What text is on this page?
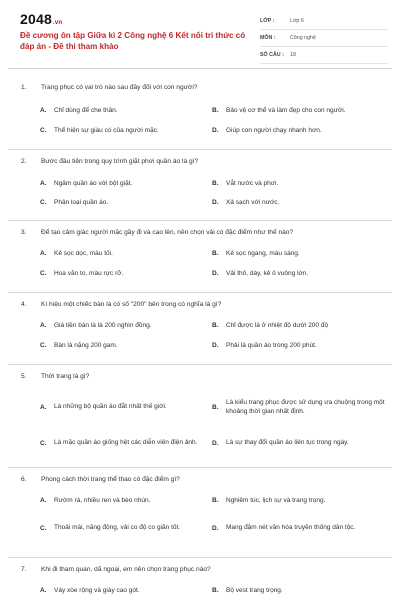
2048.vn
Đề cương ôn tập Giữa kì 2 Công nghệ 6 Kết nối tri thức có đáp án - Đề thi tham khảo
LỚP :	Lớp 6
MÔN :	Công nghệ
SỐ CÂU :	18
1. Trang phục có vai trò nào sau đây đối với con người?
A.	Chỉ dùng để che thân.	B.	Bảo vệ cơ thể và làm đẹp cho con người.
C.	Thể hiện sự giàu có của người mặc.	D.	Giúp con người chạy nhanh hơn.
2. Bước đầu tiên trong quy trình giặt phơi quần áo là gì?
A.	Ngâm quần áo với bột giặt.	B.	Vắt nước và phơi.
C.	Phân loại quần áo.	D.	Xả sạch với nước.
3. Để tạo cảm giác người mặc gầy đi và cao lên, nên chọn vải có đặc điểm như thế nào?
A.	Kẻ sọc dọc, màu tối.	B.	Kẻ sọc ngang, màu sáng.
C.	Hoa văn to, màu rực rỡ.	D.	Vải thô, dày, kẻ ô vuông lớn.
4. Kí hiệu một chiếc bàn là có số "200" bên trong có nghĩa là gì?
A.	Giá tiền bàn là là 200 nghìn đồng.	B.	Chỉ được là ở nhiệt độ dưới 200 độ
C.	Bàn là nặng 200 gam.	D.	Phải là quần áo trong 200 phút.
5. Thời trang là gì?
A.	Là những bộ quần áo đắt nhất thế giới.	B.
Là kiểu trang phục được sử dụng ưa chuộng trong một khoảng thời gian nhất định.
C.	Là mặc quần áo giống hệt các diễn viên điện ảnh. D.	Là sự thay đổi quần áo liên tục trong ngày.
6. Phong cách thời trang thể thao có đặc điểm gì?
A.	Rườm rà, nhiều ren và bèo nhún.	B.	Nghiêm túc, lịch sự và trang trọng.
C.	Thoải mái, năng động, vải co độ co giãn tốt.	D.	Mang đậm nét văn hóa truyền thống dân tộc.
7. Khi đi tham quan, dã ngoại, em nên chọn trang phục nào?
A.	Váy xòe rộng và giày cao gót.	B.	Bộ vest trang trọng.
